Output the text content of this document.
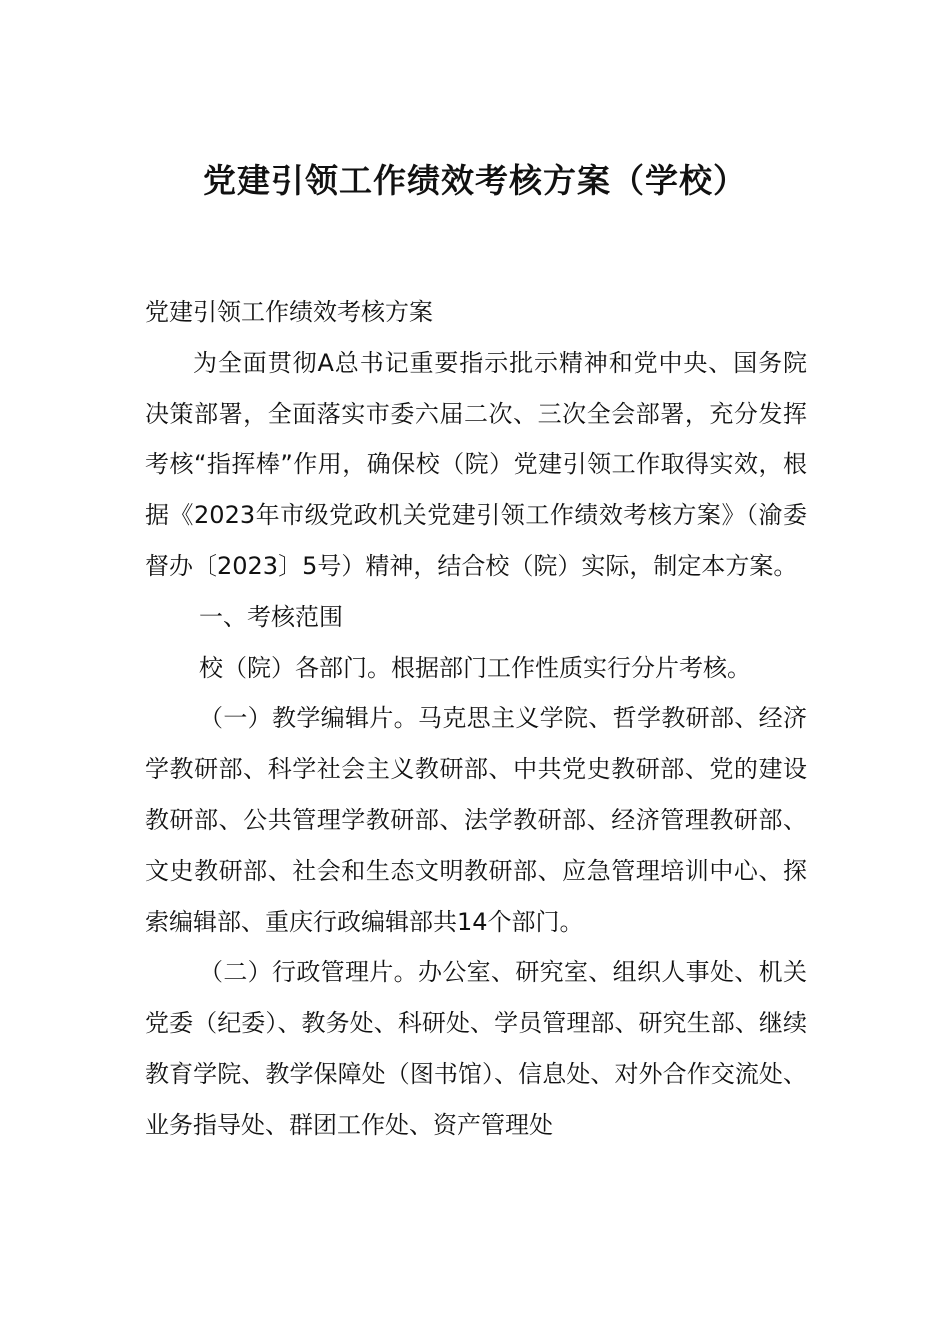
党建引领工作绩效考核方案（学校）

党建引领工作绩效考核方案

为全面贯彻A总书记重要指示批示精神和党中央、国务院决策部署，全面落实市委六届二次、三次全会部署，充分发挥考核“指挥棒”作用，确保校（院）党建引领工作取得实效，根据《2023年市级党政机关党建引领工作绩效考核方案》（渝委督办〔2023〕5号）精神，结合校（院）实际，制定本方案。

一、考核范围

校（院）各部门。根据部门工作性质实行分片考核。

（一）教学编辑片。马克思主义学院、哲学教研部、经济学教研部、科学社会主义教研部、中共党史教研部、党的建设教研部、公共管理学教研部、法学教研部、经济管理教研部、文史教研部、社会和生态文明教研部、应急管理培训中心、探索编辑部、重庆行政编辑部共14个部门。

（二）行政管理片。办公室、研究室、组织人事处、机关党委（纪委）、教务处、科研处、学员管理部、研究生部、继续教育学院、教学保障处（图书馆）、信息处、对外合作交流处、业务指导处、群团工作处、资产管理处
